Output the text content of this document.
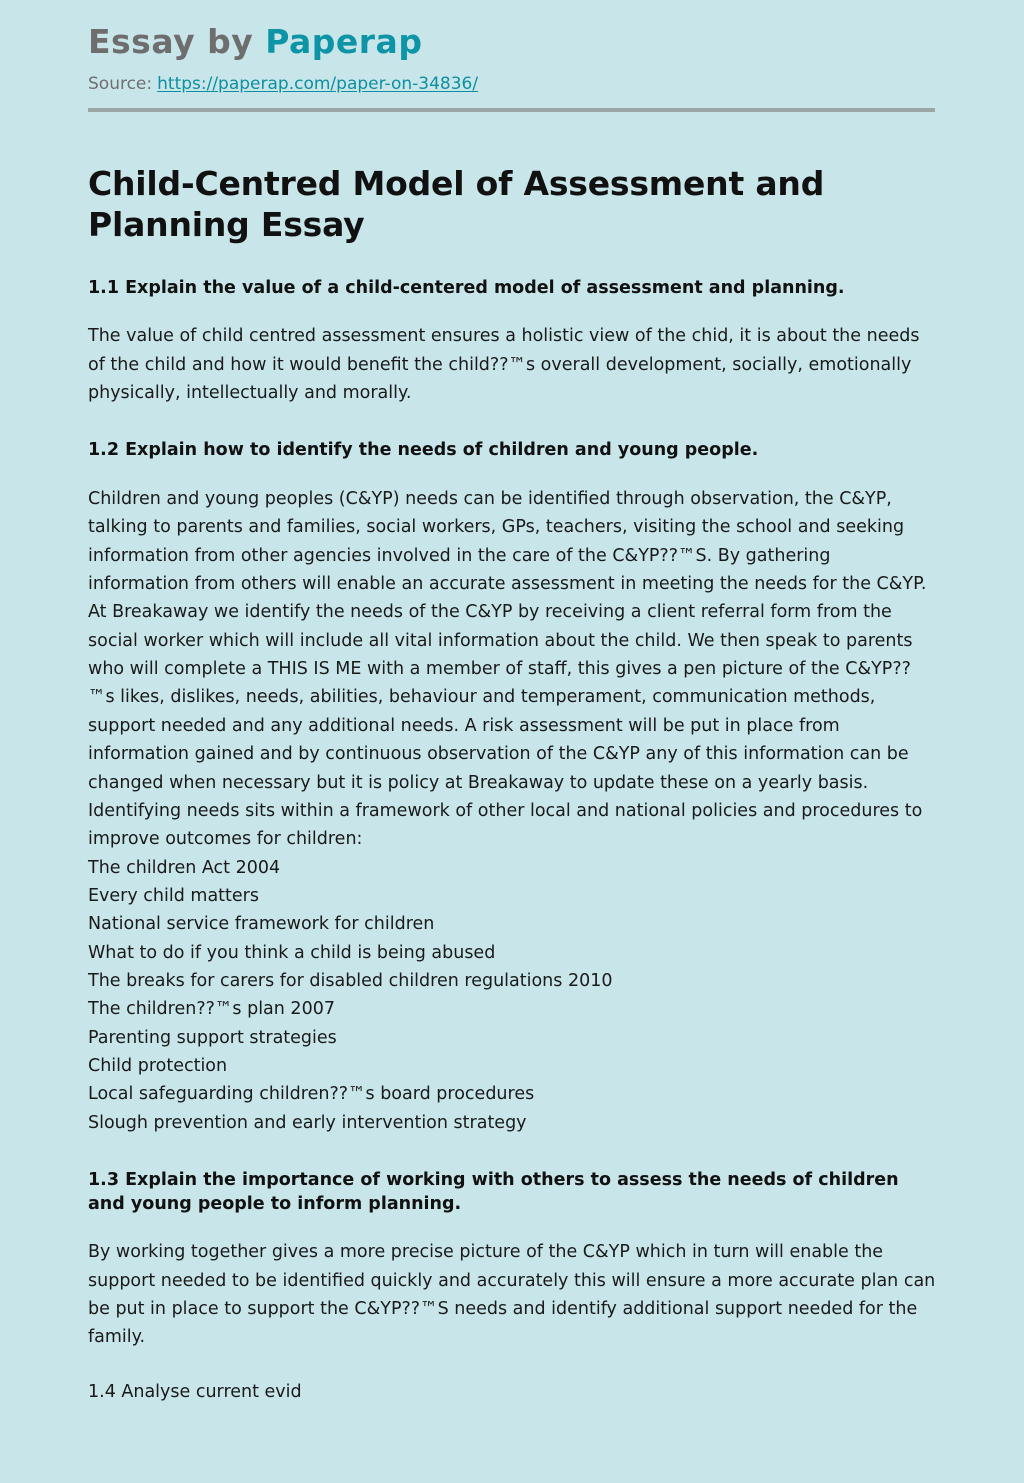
Essay by Paperap
Source: https://paperap.com/paper-on-34836/
Child-Centred Model of Assessment and Planning Essay
1.1 Explain the value of a child-centered model of assessment and planning.

The value of child centred assessment ensures a holistic view of the chid, it is about the needs of the child and how it would benefit the child??™s overall development, socially, emotionally physically, intellectually and morally.

1.2 Explain how to identify the needs of children and young people.

Children and young peoples (C&YP) needs can be identified through observation, the C&YP, talking to parents and families, social workers, GPs, teachers, visiting the school and seeking information from other agencies involved in the care of the C&YP??™S. By gathering information from others will enable an accurate assessment in meeting the needs for the C&YP. At Breakaway we identify the needs of the C&YP by receiving a client referral form from the social worker which will include all vital information about the child. We then speak to parents who will complete a THIS IS ME with a member of staff, this gives a pen picture of the C&YP??™s likes, dislikes, needs, abilities, behaviour and temperament, communication methods, support needed and any additional needs. A risk assessment will be put in place from information gained and by continuous observation of the C&YP any of this information can be changed when necessary but it is policy at Breakaway to update these on a yearly basis. Identifying needs sits within a framework of other local and national policies and procedures to improve outcomes for children:

The children Act 2004
Every child matters
National service framework for children
What to do if you think a child is being abused
The breaks for carers for disabled children regulations 2010
The children??™s plan 2007
Parenting support strategies
Child protection
Local safeguarding children??™s board procedures
Slough prevention and early intervention strategy
1.3 Explain the importance of working with others to assess the needs of children and young people to inform planning.

By working together gives a more precise picture of the C&YP which in turn will enable the support needed to be identified quickly and accurately this will ensure a more accurate plan can be put in place to support the C&YP??™S needs and identify additional support needed for the family.

1.4 Analyse current evid
